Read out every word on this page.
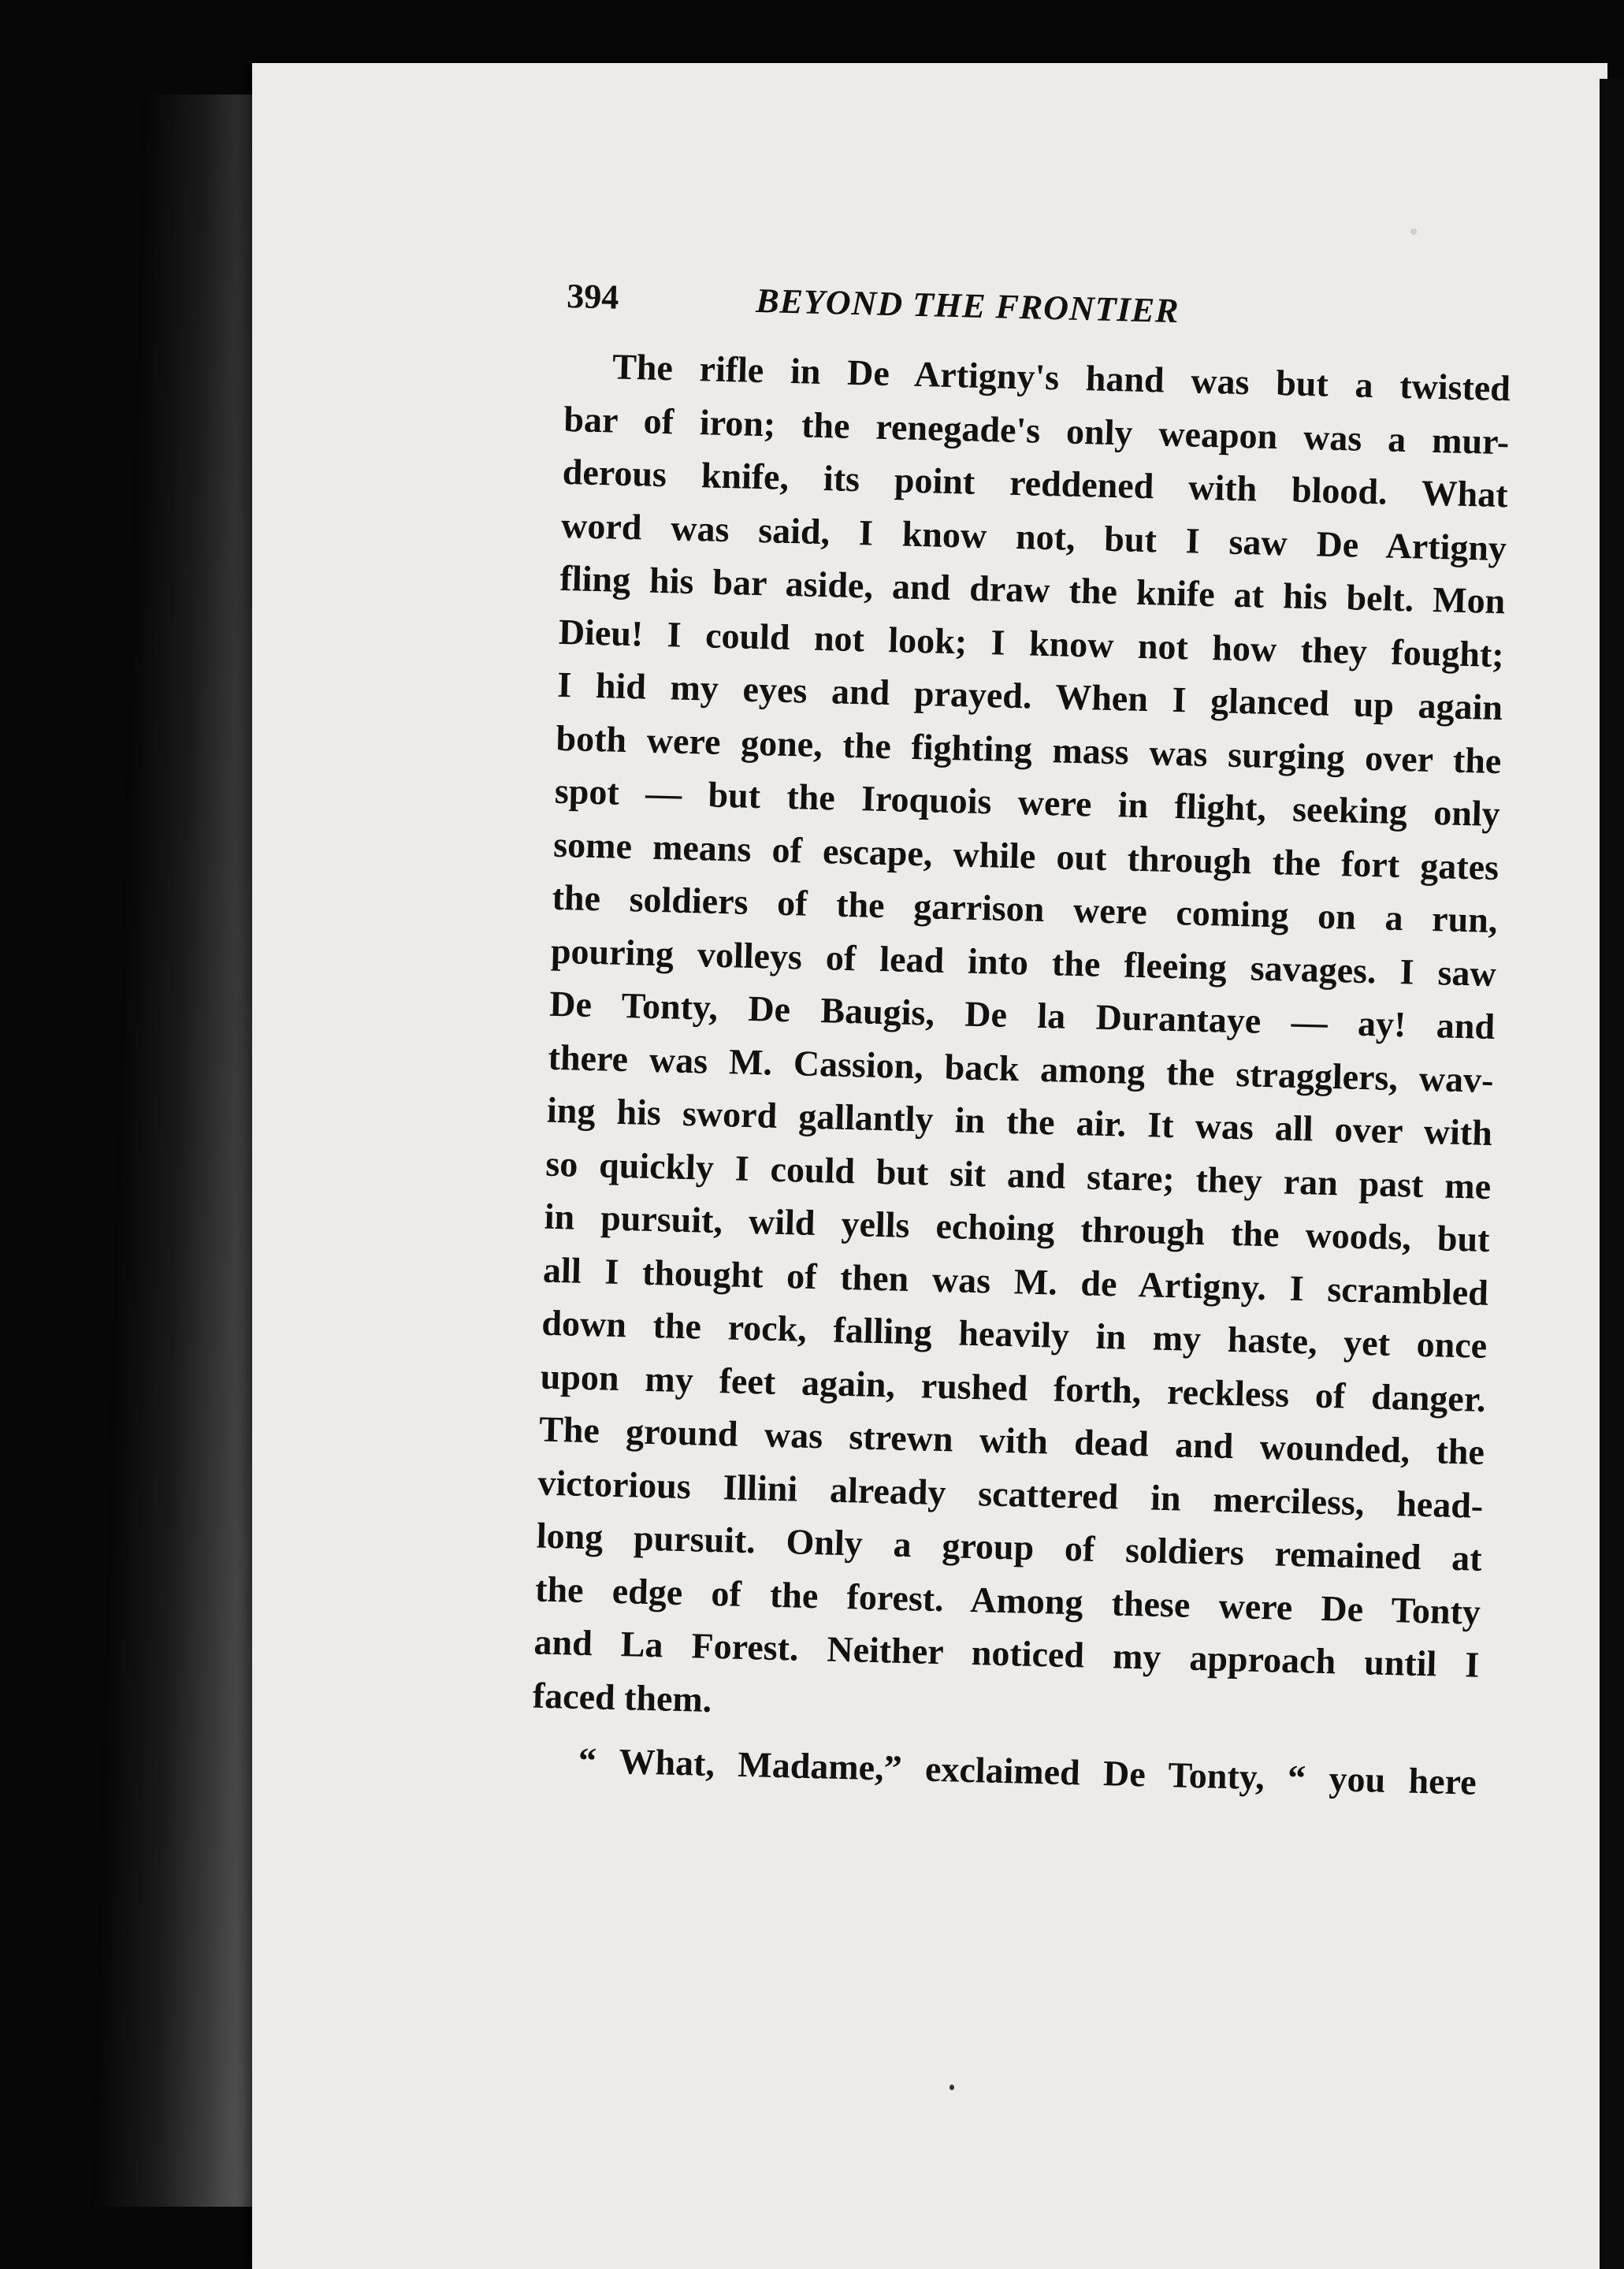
394	BEYOND THE FRONTIER
The rifle in De Artigny's hand was but a twisted
bar of iron; the renegade's only weapon was a mur-
derous knife, its point reddened with blood. What
word was said, I know not, but I saw De Artigny
fling his bar aside, and draw the knife at his belt. Mon
Dieu! I could not look; I know not how they fought;
I hid my eyes and prayed. When I glanced up again
both were gone, the fighting mass was surging over the
spot — but the Iroquois were in flight, seeking only
some means of escape, while out through the fort gates
the soldiers of the garrison were coming on a run,
pouring volleys of lead into the fleeing savages. I saw
De Tonty, De Baugis, De la Durantaye — ay! and
there was M. Cassion, back among the stragglers, wav-
ing his sword gallantly in the air. It was all over with
so quickly I could but sit and stare; they ran past me
in pursuit, wild yells echoing through the woods, but
all I thought of then was M. de Artigny. I scrambled
down the rock, falling heavily in my haste, yet once
upon my feet again, rushed forth, reckless of danger.
The ground was strewn with dead and wounded, the
victorious Illini already scattered in merciless, head-
long pursuit. Only a group of soldiers remained at
the edge of the forest. Among these were De Tonty
and La Forest. Neither noticed my approach until I
faced them.
“ What, Madame,” exclaimed De Tonty, “ you here
